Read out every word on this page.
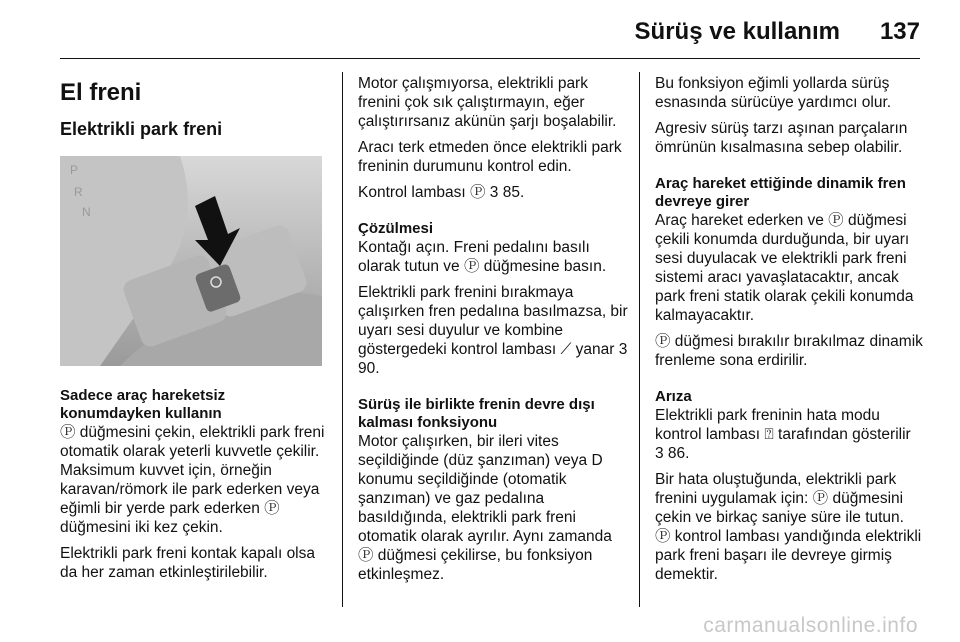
Sürüş ve kullanım 137
El freni
Elektrikli park freni
P
R
N
Sadece araç hareketsiz konumdayken kullanın

Ⓟ düğmesini çekin, elektrikli park freni otomatik olarak yeterli kuvvetle çekilir. Maksimum kuvvet için, örneğin karavan/römork ile park ederken veya eğimli bir yerde park ederken Ⓟ düğmesini iki kez çekin.

Elektrikli park freni kontak kapalı olsa da her zaman etkinleştirilebilir.

Motor çalışmıyorsa, elektrikli park frenini çok sık çalıştırmayın, eğer çalıştırırsanız akünün şarjı boşalabilir.

Aracı terk etmeden önce elektrikli park freninin durumunu kontrol edin.

Kontrol lambası Ⓟ 3 85.

Çözülmesi

Kontağı açın. Freni pedalını basılı olarak tutun ve Ⓟ düğmesine basın.

Elektrikli park frenini bırakmaya çalışırken fren pedalına basılmazsa, bir uyarı sesi duyulur ve kombine göstergedeki kontrol lambası ⟋ yanar 3 90.

Sürüş ile birlikte frenin devre dışı kalması fonksiyonu

Motor çalışırken, bir ileri vites seçildiğinde (düz şanzıman) veya D konumu seçildiğinde (otomatik şanzıman) ve gaz pedalına basıldığında, elektrikli park freni otomatik olarak ayrılır. Aynı zamanda Ⓟ düğmesi çekilirse, bu fonksiyon etkinleşmez.

Bu fonksiyon eğimli yollarda sürüş esnasında sürücüye yardımcı olur.

Agresiv sürüş tarzı aşınan parçaların ömrünün kısalmasına sebep olabilir.

Araç hareket ettiğinde dinamik fren devreye girer

Araç hareket ederken ve Ⓟ düğmesi çekili konumda durduğunda, bir uyarı sesi duyulacak ve elektrikli park freni sistemi aracı yavaşlatacaktır, ancak park freni statik olarak çekili konumda kalmayacaktır.

Ⓟ düğmesi bırakılır bırakılmaz dinamik frenleme sona erdirilir.

Arıza

Elektrikli park freninin hata modu kontrol lambası ⍰ tarafından gösterilir 3 86.

Bir hata oluştuğunda, elektrikli park frenini uygulamak için: Ⓟ düğmesini çekin ve birkaç saniye süre ile tutun. Ⓟ kontrol lambası yandığında elektrikli park freni başarı ile devreye girmiş demektir.

carmanualsonline.info
